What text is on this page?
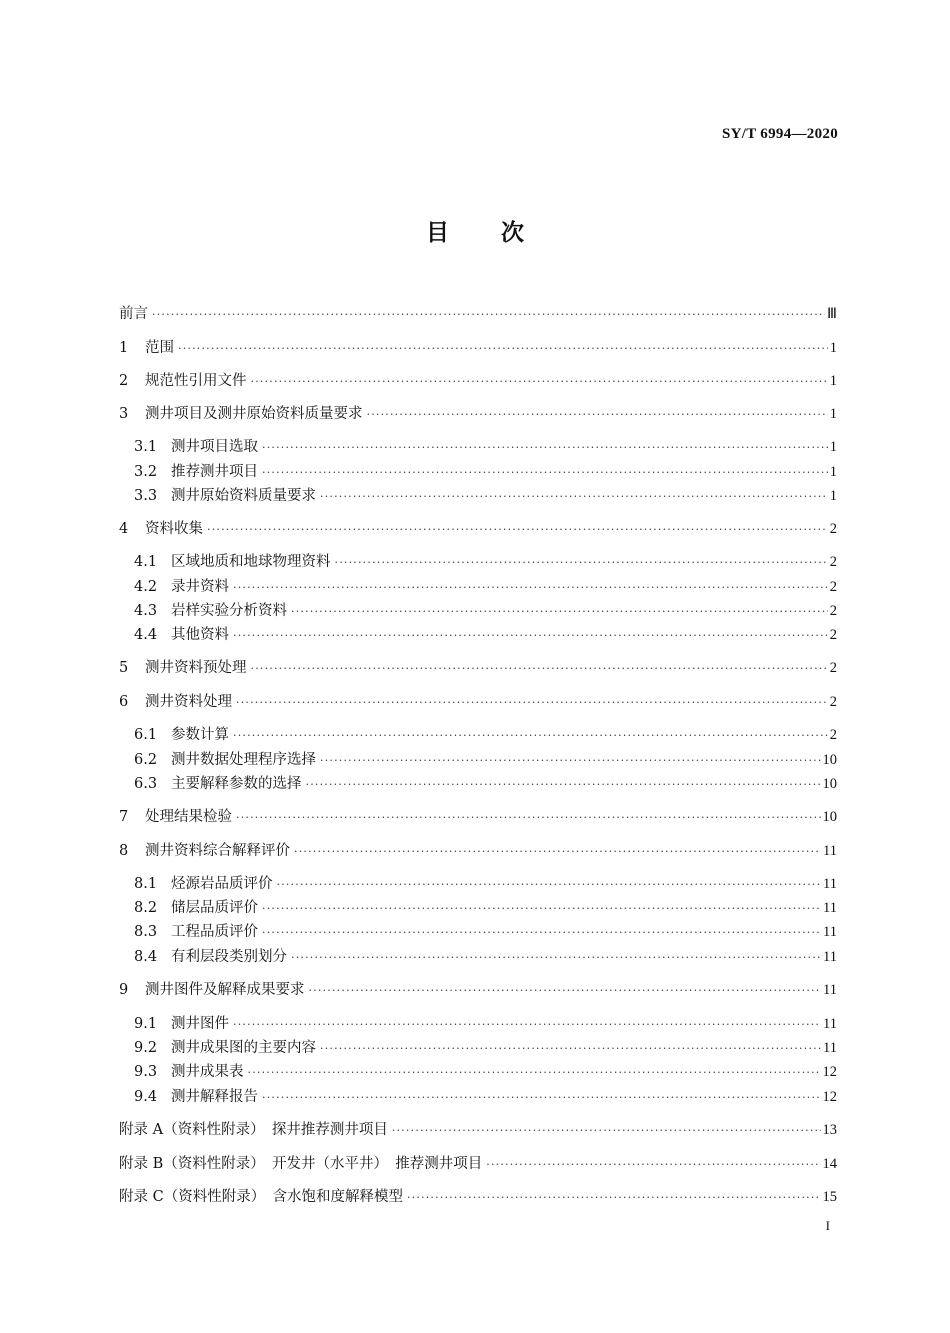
SY/T 6994—2020
目 次
前言 ·····	Ⅲ
1	范围 ·····	1
2	规范性引用文件 ·····	1
3	测井项目及测井原始资料质量要求 ·····	1
3.1 测井项目选取 ·····	1
3.2 推荐测井项目 ·····	1
3.3 测井原始资料质量要求 ·····	1
4	资料收集 ·····	2
4.1 区域地质和地球物理资料 ·····	2
4.2 录井资料 ·····	2
4.3 岩样实验分析资料 ·····	2
4.4 其他资料 ·····	2
5	测井资料预处理 ·····	2
6	测井资料处理 ·····	2
6.1 参数计算 ·····	2
6.2 测井数据处理程序选择 ·····	10
6.3 主要解释参数的选择 ·····	10
7	处理结果检验 ·····	10
8	测井资料综合解释评价 ·····	11
8.1 烃源岩品质评价 ·····	11
8.2 储层品质评价 ·····	11
8.3 工程品质评价 ·····	11
8.4 有利层段类别划分 ·····	11
9	测井图件及解释成果要求 ·····	11
9.1 测井图件 ·····	11
9.2 测井成果图的主要内容 ·····	11
9.3 测井成果表 ·····	12
9.4 测井解释报告 ·····	12
附录 A（资料性附录）　探井推荐测井项目 ·····	13
附录 B（资料性附录）　开发井（水平井）　推荐测井项目 ·····	14
附录 C（资料性附录）　含水饱和度解释模型 ·····	15
I
